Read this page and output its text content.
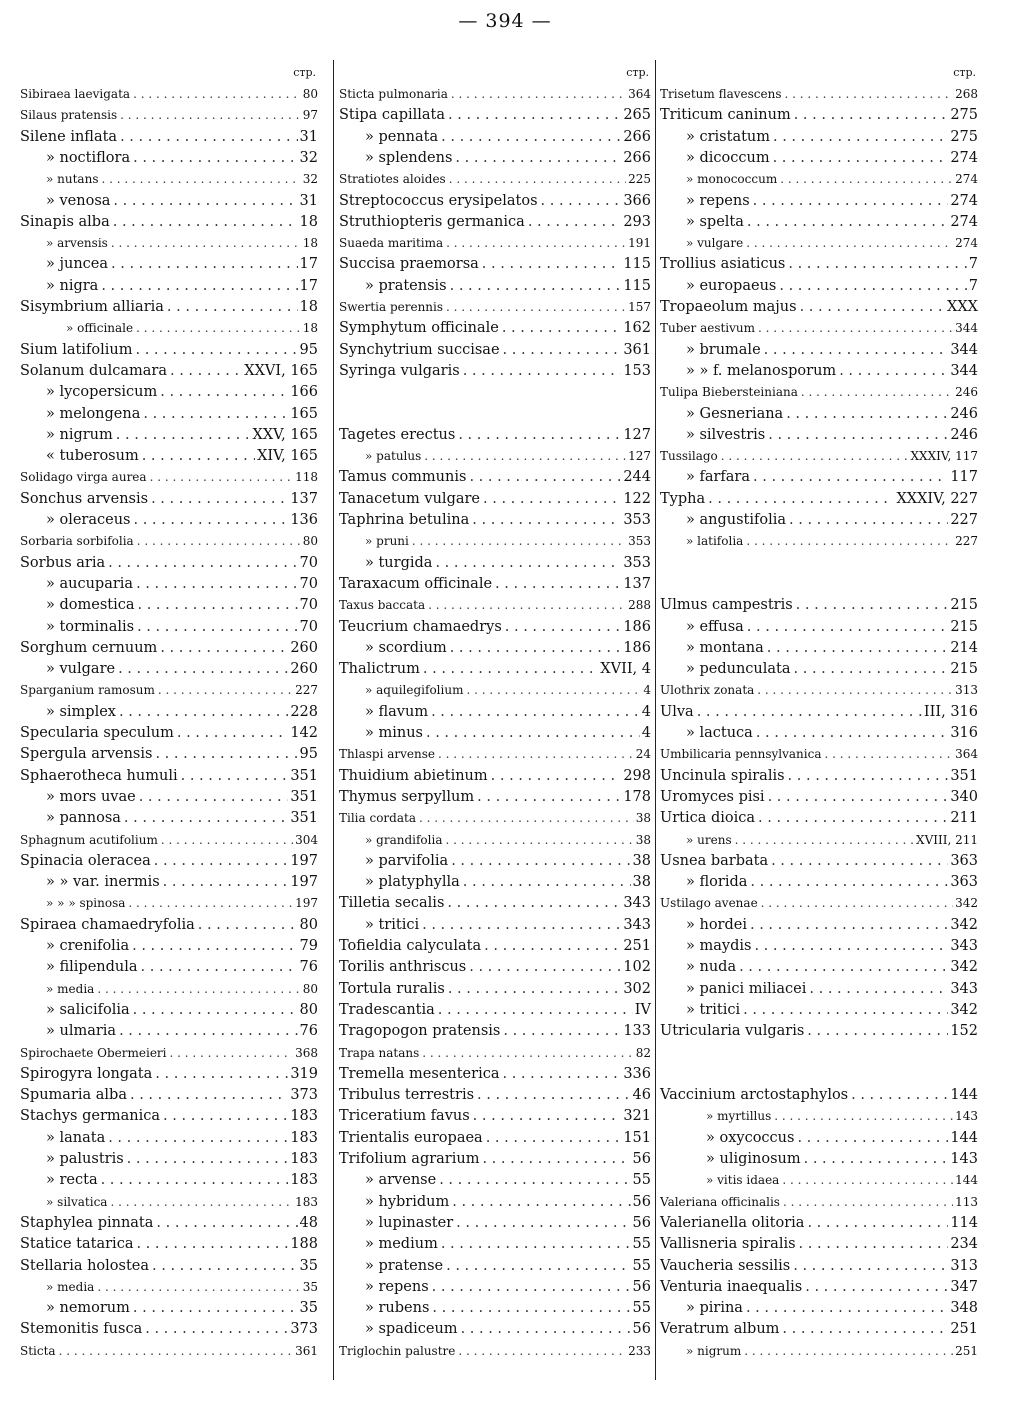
— 394 —
стр.
Sibiraea laevigata . . .	80
Silaus pratensis . . .	97
Silene inflata . . .	31
» noctiflora . . .	32
» nutans . . .	32
» venosa . . .	31
Sinapis alba . . .	18
» arvensis . . .	18
» juncea . . .	17
» nigra . . .	17
Sisymbrium alliaria . . .	18
» officinale . . .	18
Sium latifolium . . .	95
Solanum dulcamara . . .	XXVI, 165
» lycopersicum . . .	166
» melongena . . .	165
» nigrum . . .	XXV, 165
« tuberosum . . .	XIV, 165
Solidago virga aurea . . .	118
Sonchus arvensis . . .	137
» oleraceus . . .	136
Sorbaria sorbifolia . . .	80
Sorbus aria . . .	70
» aucuparia . . .	70
» domestica . . .	70
» torminalis . . .	70
Sorghum cernuum . . .	260
» vulgare . . .	260
Sparganium ramosum . . .	227
» simplex . . .	228
Specularia speculum . . .	142
Spergula arvensis . . .	95
Sphaerotheca humuli . . .	351
» mors uvae . . .	351
» pannosa . . .	351
Sphagnum acutifolium . . .	304
Spinacia oleracea . . .	197
» » var. inermis . . .	197
» » » spinosa . . .	197
Spiraea chamaedryfolia . . .	80
» crenifolia . . .	79
» filipendula . . .	76
» media . . .	80
» salicifolia . . .	80
» ulmaria . . .	76
Spirochaete Obermeieri . . .	368
Spirogyra longata . . .	319
Spumaria alba . . .	373
Stachys germanica . . .	183
» lanata . . .	183
» palustris . . .	183
» recta . . .	183
» silvatica . . .	183
Staphylea pinnata . . .	48
Statice tatarica . . .	188
Stellaria holostea . . .	35
» media . . .	35
» nemorum . . .	35
Stemonitis fusca . . .	373
Sticta . . .	361
стр.
Sticta pulmonaria . . .	364
Stipa capillata . . .	265
» pennata . . .	266
» splendens . . .	266
Stratiotes aloides . . .	225
Streptococcus erysipelatos . . .	366
Struthiopteris germanica . . .	293
Suaeda maritima . . .	191
Succisa praemorsa . . .	115
» pratensis . . .	115
Swertia perennis . . .	157
Symphytum officinale . . .	162
Synchytrium succisae . . .	361
Syringa vulgaris . . .	153
Tagetes erectus . . .	127
» patulus . . .	127
Tamus communis . . .	244
Tanacetum vulgare . . .	122
Taphrina betulina . . .	353
» pruni . . .	353
» turgida . . .	353
Taraxacum officinale . . .	137
Taxus baccata . . .	288
Teucrium chamaedrys . . .	186
» scordium . . .	186
Thalictrum . . .	XVII, 4
» aquilegifolium . . .	4
» flavum . . .	4
» minus . . .	4
Thlaspi arvense . . .	24
Thuidium abietinum . . .	298
Thymus serpyllum . . .	178
Tilia cordata . . .	38
» grandifolia . . .	38
» parvifolia . . .	38
» platyphylla . . .	38
Tilletia secalis . . .	343
» tritici . . .	343
Tofieldia calyculata . . .	251
Torilis anthriscus . . .	102
Tortula ruralis . . .	302
Tradescantia . . .	IV
Tragopogon pratensis . . .	133
Trapa natans . . .	82
Tremella mesenterica . . .	336
Tribulus terrestris . . .	46
Triceratium favus . . .	321
Trientalis europaea . . .	151
Trifolium agrarium . . .	56
» arvense . . .	55
» hybridum . . .	56
» lupinaster . . .	56
» medium . . .	55
» pratense . . .	55
» repens . . .	56
» rubens . . .	55
» spadiceum . . .	56
Triglochin palustre . . .	233
стр.
Trisetum flavescens . . .	268
Triticum caninum . . .	275
» cristatum . . .	275
» dicoccum . . .	274
» monococcum . . .	274
» repens . . .	274
» spelta . . .	274
» vulgare . . .	274
Trollius asiaticus . . .	7
» europaeus . . .	7
Tropaeolum majus . . .	XXX
Tuber aestivum . . .	344
» brumale . . .	344
» » f. melanosporum . . .	344
Tulipa Biebersteiniana . . .	246
» Gesneriana . . .	246
» silvestris . . .	246
Tussilago . . .	XXXIV, 117
» farfara . . .	117
Typha . . .	XXXIV, 227
» angustifolia . . .	227
» latifolia . . .	227
Ulmus campestris . . .	215
» effusa . . .	215
» montana . . .	214
» pedunculata . . .	215
Ulothrix zonata . . .	313
Ulva . . .	III, 316
» lactuca . . .	316
Umbilicaria pennsylvanica . . .	364
Uncinula spiralis . . .	351
Uromyces pisi . . .	340
Urtica dioica . . .	211
» urens . . .	XVIII, 211
Usnea barbata . . .	363
» florida . . .	363
Ustilago avenae . . .	342
» hordei . . .	342
» maydis . . .	343
» nuda . . .	342
» panici miliacei . . .	343
» tritici . . .	342
Utricularia vulgaris . . .	152
Vaccinium arctostaphylos . . .	144
» myrtillus . . .	143
» oxycoccus . . .	144
» uliginosum . . .	143
» vitis idaea . . .	144
Valeriana officinalis . . .	113
Valerianella olitoria . . .	114
Vallisneria spiralis . . .	234
Vaucheria sessilis . . .	313
Venturia inaequalis . . .	347
» pirina . . .	348
Veratrum album . . .	251
» nigrum . . .	251
